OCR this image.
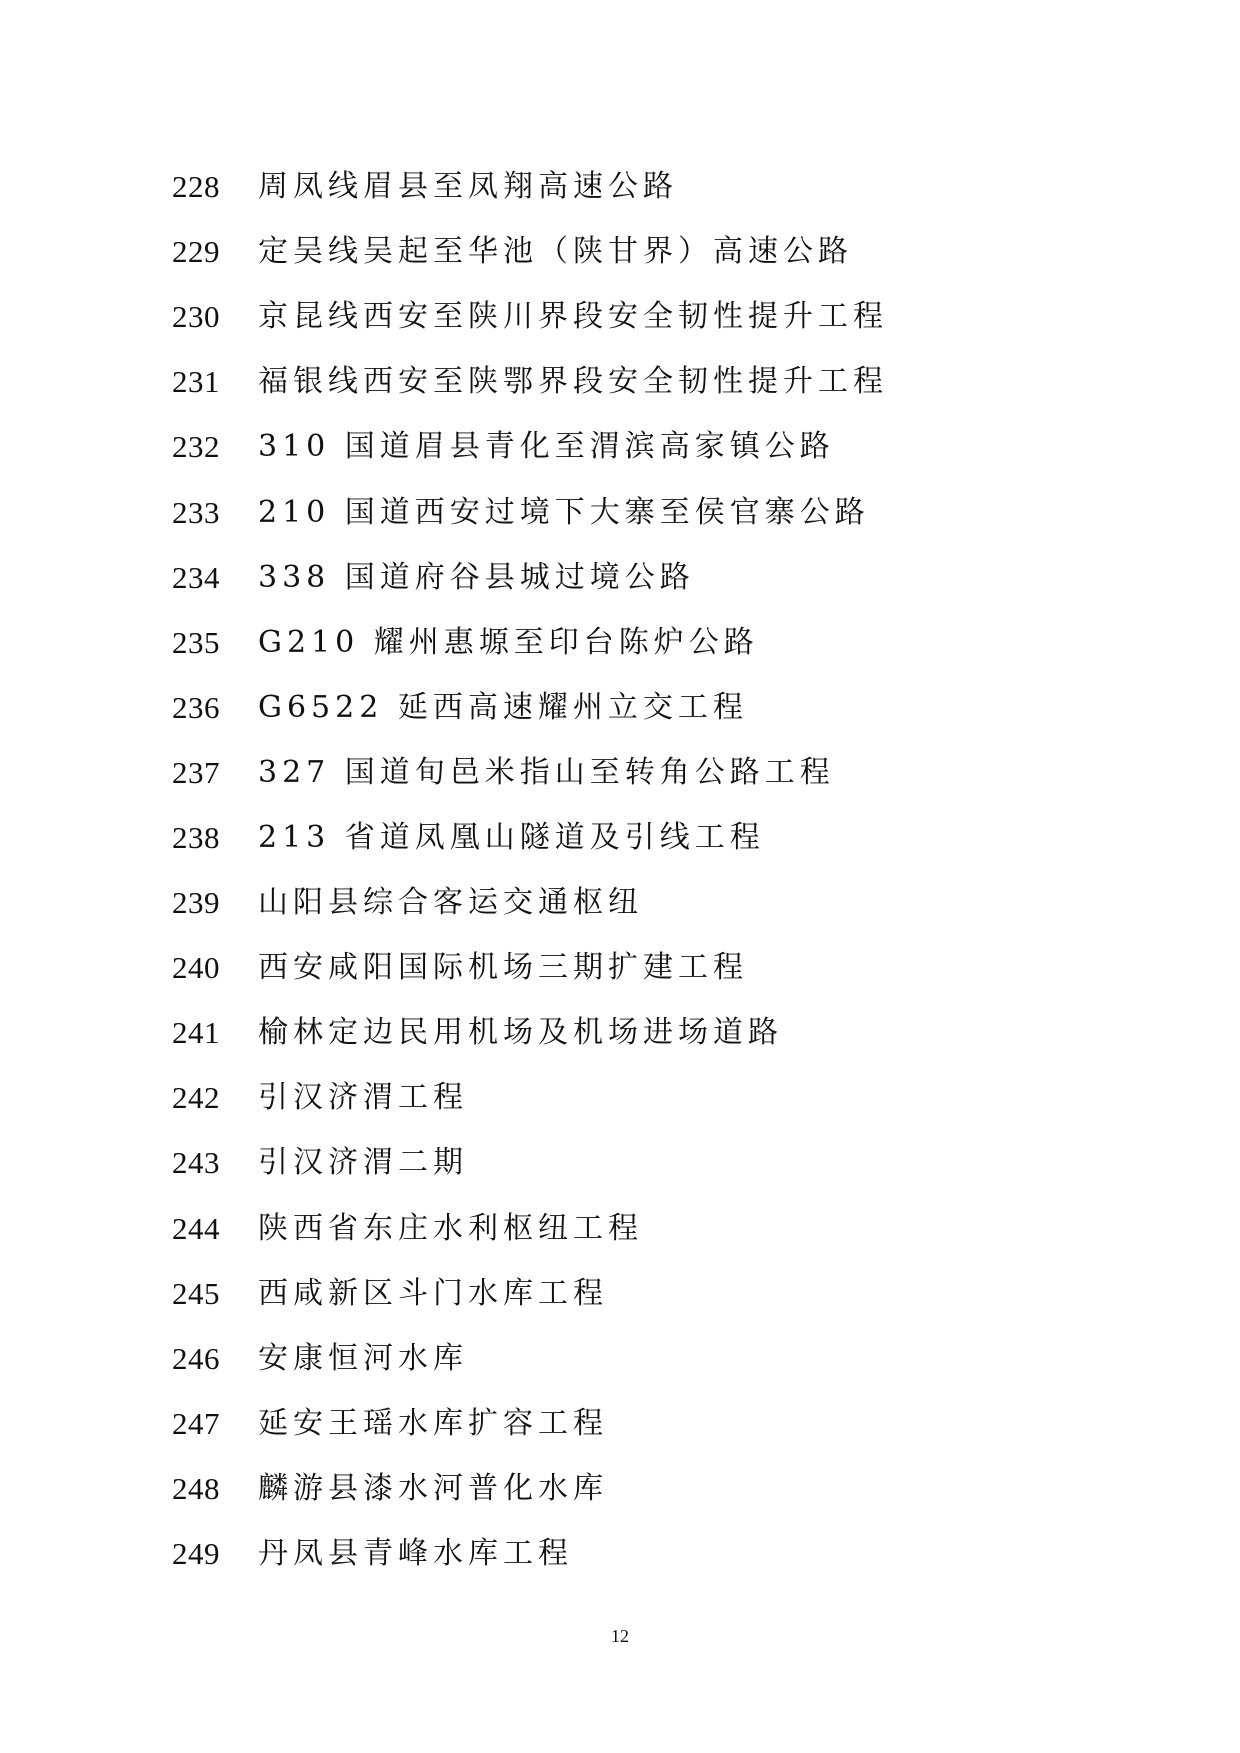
228	周凤线眉县至凤翔高速公路
229	定吴线吴起至华池（陕甘界）高速公路
230	京昆线西安至陕川界段安全韧性提升工程
231	福银线西安至陕鄂界段安全韧性提升工程
232	310 国道眉县青化至渭滨高家镇公路
233	210 国道西安过境下大寨至侯官寨公路
234	338 国道府谷县城过境公路
235	G210 耀州惠塬至印台陈炉公路
236	G6522 延西高速耀州立交工程
237	327 国道旬邑米指山至转角公路工程
238	213 省道凤凰山隧道及引线工程
239	山阳县综合客运交通枢纽
240	西安咸阳国际机场三期扩建工程
241	榆林定边民用机场及机场进场道路
242	引汉济渭工程
243	引汉济渭二期
244	陕西省东庄水利枢纽工程
245	西咸新区斗门水库工程
246	安康恒河水库
247	延安王瑶水库扩容工程
248	麟游县漆水河普化水库
249	丹凤县青峰水库工程
12
